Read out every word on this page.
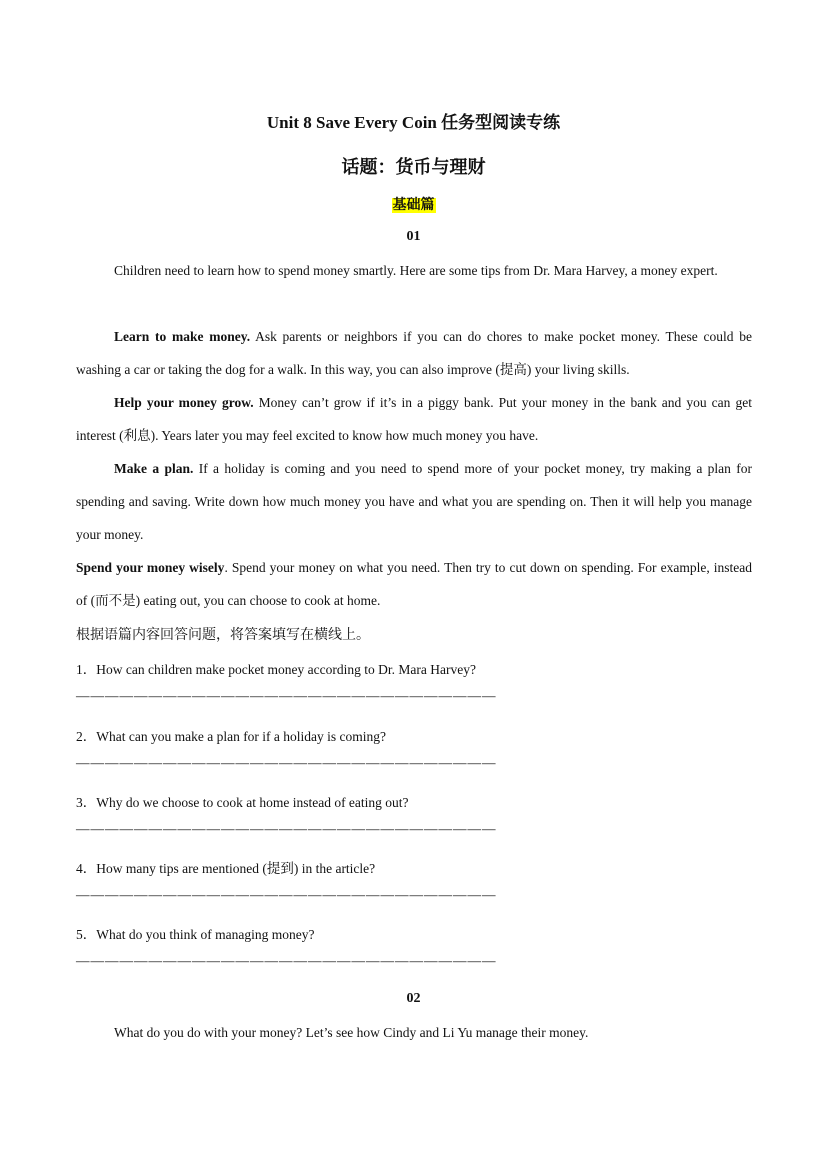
Unit 8 Save Every Coin 任务型阅读专练
话题：货币与理财
基础篇
01
Children need to learn how to spend money smartly. Here are some tips from Dr. Mara Harvey, a money expert.
Learn to make money. Ask parents or neighbors if you can do chores to make pocket money. These could be washing a car or taking the dog for a walk. In this way, you can also improve (提高) your living skills.
Help your money grow. Money can’t grow if it’s in a piggy bank. Put your money in the bank and you can get interest (利息). Years later you may feel excited to know how much money you have.
Make a plan. If a holiday is coming and you need to spend more of your pocket money, try making a plan for spending and saving. Write down how much money you have and what you are spending on. Then it will help you manage your money.
Spend your money wisely. Spend your money on what you need. Then try to cut down on spending. For example, instead of (而不是) eating out, you can choose to cook at home.
根据语篇内容回答问题，将答案填写在横线上。
1．How can children make pocket money according to Dr. Mara Harvey?
—————————————————————————————
2．What can you make a plan for if a holiday is coming?
—————————————————————————————
3．Why do we choose to cook at home instead of eating out?
—————————————————————————————
4．How many tips are mentioned (提到) in the article?
—————————————————————————————
5．What do you think of managing money?
—————————————————————————————
02
What do you do with your money? Let’s see how Cindy and Li Yu manage their money.
